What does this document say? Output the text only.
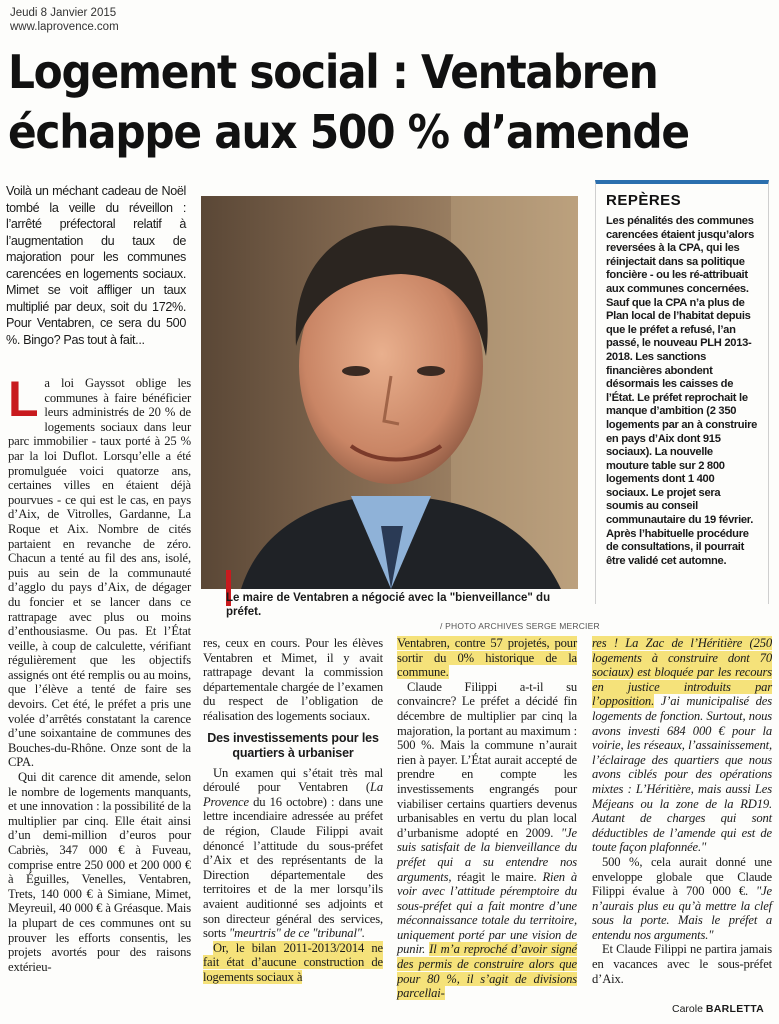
Jeudi 8 Janvier 2015
www.laprovence.com
Logement social : Ventabren
échappe aux 500 % d’amende
Voilà un méchant cadeau de Noël tombé la veille du réveillon : l’arrêté préfectoral relatif à l’augmentation du taux de majoration pour les communes carencées en logements sociaux. Mimet se voit affliger un taux multiplié par deux, soit du 172%. Pour Ventabren, ce sera du 500 %. Bingo? Pas tout à fait...
Le maire de Ventabren a négocié avec la "bienveillance" du préfet.
/ PHOTO ARCHIVES SERGE MERCIER
REPÈRES
Les pénalités des communes carencées étaient jusqu’alors reversées à la CPA, qui les réinjectait dans sa politique foncière - ou les ré-attribuait aux communes concernées. Sauf que la CPA n’a plus de Plan local de l’habitat depuis que le préfet a refusé, l’an passé, le nouveau PLH 2013-2018. Les sanctions financières abondent désormais les caisses de l’État. Le préfet reprochait le manque d’ambition (2 350 logements par an à construire en pays d’Aix dont 915 sociaux). La nouvelle mouture table sur 2 800 logements dont 1 400 sociaux. Le projet sera soumis au conseil communautaire du 19 février. Après l’habituelle procédure de consultations, il pourrait être validé cet automne.
L a loi Gayssot oblige les communes à faire bénéficier leurs administrés de 20 % de logements sociaux dans leur parc immobilier - taux porté à 25 % par la loi Duflot. Lorsqu’elle a été promulguée voici quatorze ans, certaines villes en étaient déjà pourvues - ce qui est le cas, en pays d’Aix, de Vitrolles, Gardanne, La Roque et Aix. Nombre de cités partaient en revanche de zéro. Chacun a tenté au fil des ans, isolé, puis au sein de la communauté d’agglo du pays d’Aix, de dégager du foncier et se lancer dans ce rattrapage avec plus ou moins d’enthousiasme. Ou pas. Et l’État veille, à coup de calculette, vérifiant régulièrement que les objectifs assignés ont été remplis ou au moins, que l’élève a tenté de faire ses devoirs. Cet été, le préfet a pris une volée d’arrêtés constatant la carence d’une soixantaine de communes des Bouches-du-Rhône. Onze sont de la CPA.

Qui dit carence dit amende, selon le nombre de logements manquants, et une innovation : la possibilité de la multiplier par cinq. Elle était ainsi d’un demi-million d’euros pour Cabriès, 347 000 € à Fuveau, comprise entre 250 000 et 200 000 € à Éguilles, Venelles, Ventabren, Trets, 140 000 € à Simiane, Mimet, Meyreuil, 40 000 € à Gréasque. Mais la plupart de ces communes ont su prouver les efforts consentis, les projets avortés pour des raisons extérieu-

res, ceux en cours. Pour les élèves Ventabren et Mimet, il y avait rattrapage devant la commission départementale chargée de l’examen du respect de l’obligation de réalisation des logements sociaux.

Des investissements pour les quartiers à urbaniser

Un examen qui s’était très mal déroulé pour Ventabren (La Provence du 16 octobre) : dans une lettre incendiaire adressée au préfet de région, Claude Filippi avait dénoncé l’attitude du sous-préfet d’Aix et des représentants de la Direction départementale des territoires et de la mer lorsqu’ils avaient auditionné ses adjoints et son directeur général des services, sorts "meurtris" de ce "tribunal".

Or, le bilan 2011-2013/2014 ne fait état d’aucune construction de logements sociaux à

Ventabren, contre 57 projetés, pour sortir du 0% historique de la commune.

Claude Filippi a-t-il su convaincre? Le préfet a décidé fin décembre de multiplier par cinq la majoration, la portant au maximum : 500 %. Mais la commune n’aurait rien à payer. L’État aurait accepté de prendre en compte les investissements engrangés pour viabiliser certains quartiers devenus urbanisables en vertu du plan local d’urbanisme adopté en 2009. "Je suis satisfait de la bienveillance du préfet qui a su entendre nos arguments, réagit le maire. Rien à voir avec l’attitude péremptoire du sous-préfet qui a fait montre d’une méconnaissance totale du territoire, uniquement porté par une vision de punir. Il m’a reproché d’avoir signé des permis de construire alors que pour 80 %, il s’agit de divisions parcellai-

res ! La Zac de l’Héritière (250 logements à construire dont 70 sociaux) est bloquée par les recours en justice introduits par l’opposition. J’ai municipalisé des logements de fonction. Surtout, nous avons investi 684 000 € pour la voirie, les réseaux, l’assainissement, l’éclairage des quartiers que nous avons ciblés pour des opérations mixtes : L’Héritière, mais aussi Les Méjeans ou la zone de la RD19. Autant de charges qui sont déductibles de l’amende qui est de toute façon plafonnée."

500 %, cela aurait donné une enveloppe globale que Claude Filippi évalue à 700 000 €. "Je n’aurais plus eu qu’à mettre la clef sous la porte. Mais le préfet a entendu nos arguments."

Et Claude Filippi ne partira jamais en vacances avec le sous-préfet d’Aix.

Carole BARLETTA
